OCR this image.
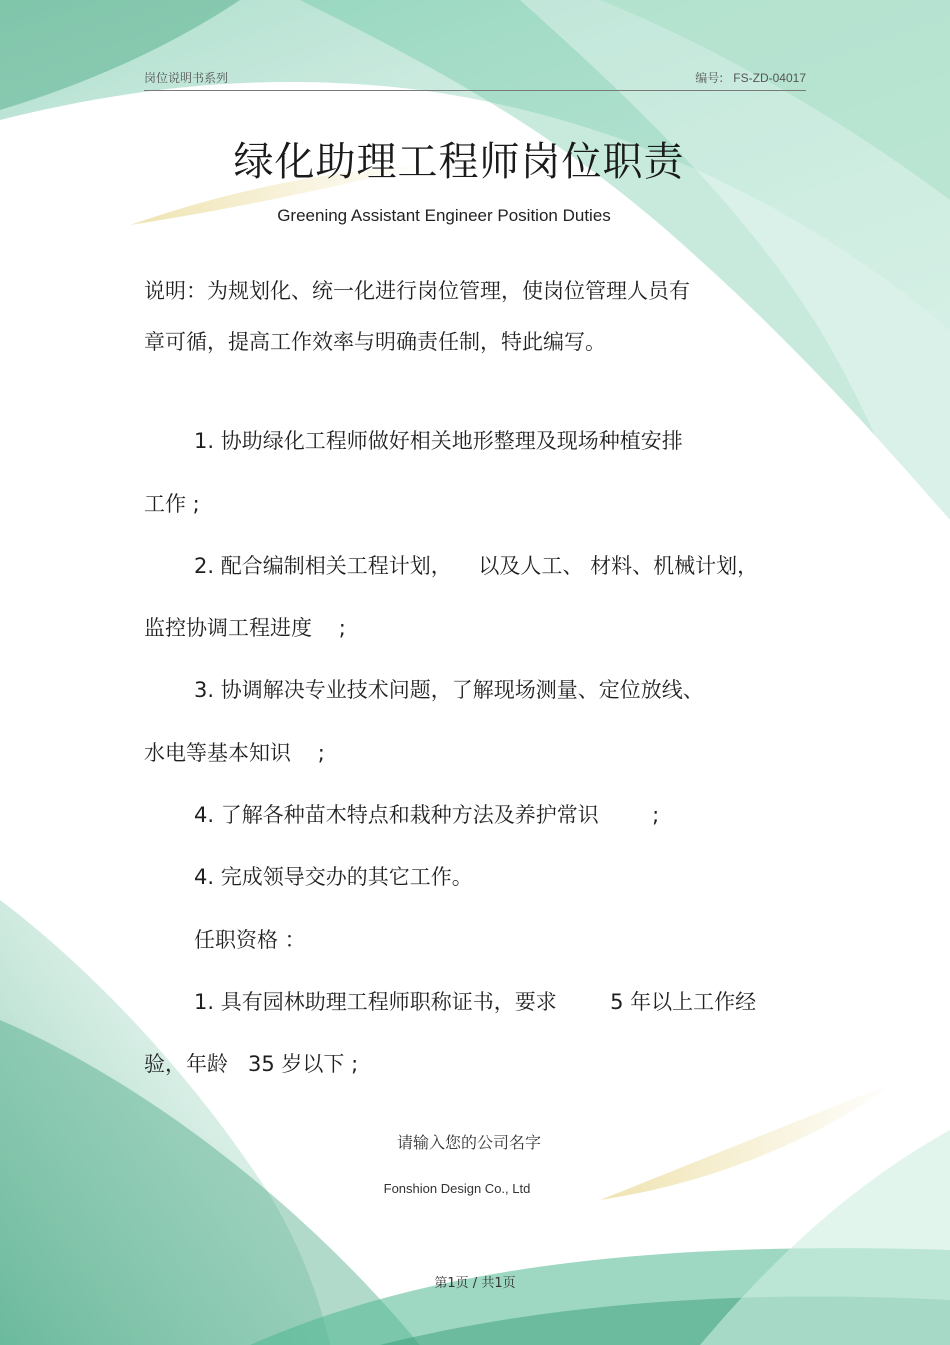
岗位说明书系列	编号: FS-ZD-04017
绿化助理工程师岗位职责
Greening Assistant Engineer Position Duties
说明：为规划化、统一化进行岗位管理，使岗位管理人员有
章可循，提高工作效率与明确责任制，特此编写。
1. 协助绿化工程师做好相关地形整理及现场种植安排
工作 ;
2. 配合编制相关工程计划，    以及人工、 材料、机械计划，
监控协调工程进度    ;
3. 协调解决专业技术问题，了解现场测量、定位放线、
水电等基本知识    ;
4. 了解各种苗木特点和栽种方法及养护常识        ;
4. 完成领导交办的其它工作。
任职资格 ：
1. 具有园林助理工程师职称证书，要求        5 年以上工作经
验，年龄   35 岁以下 ;
请输入您的公司名字
Fonshion Design Co., Ltd
第1页 / 共1页
